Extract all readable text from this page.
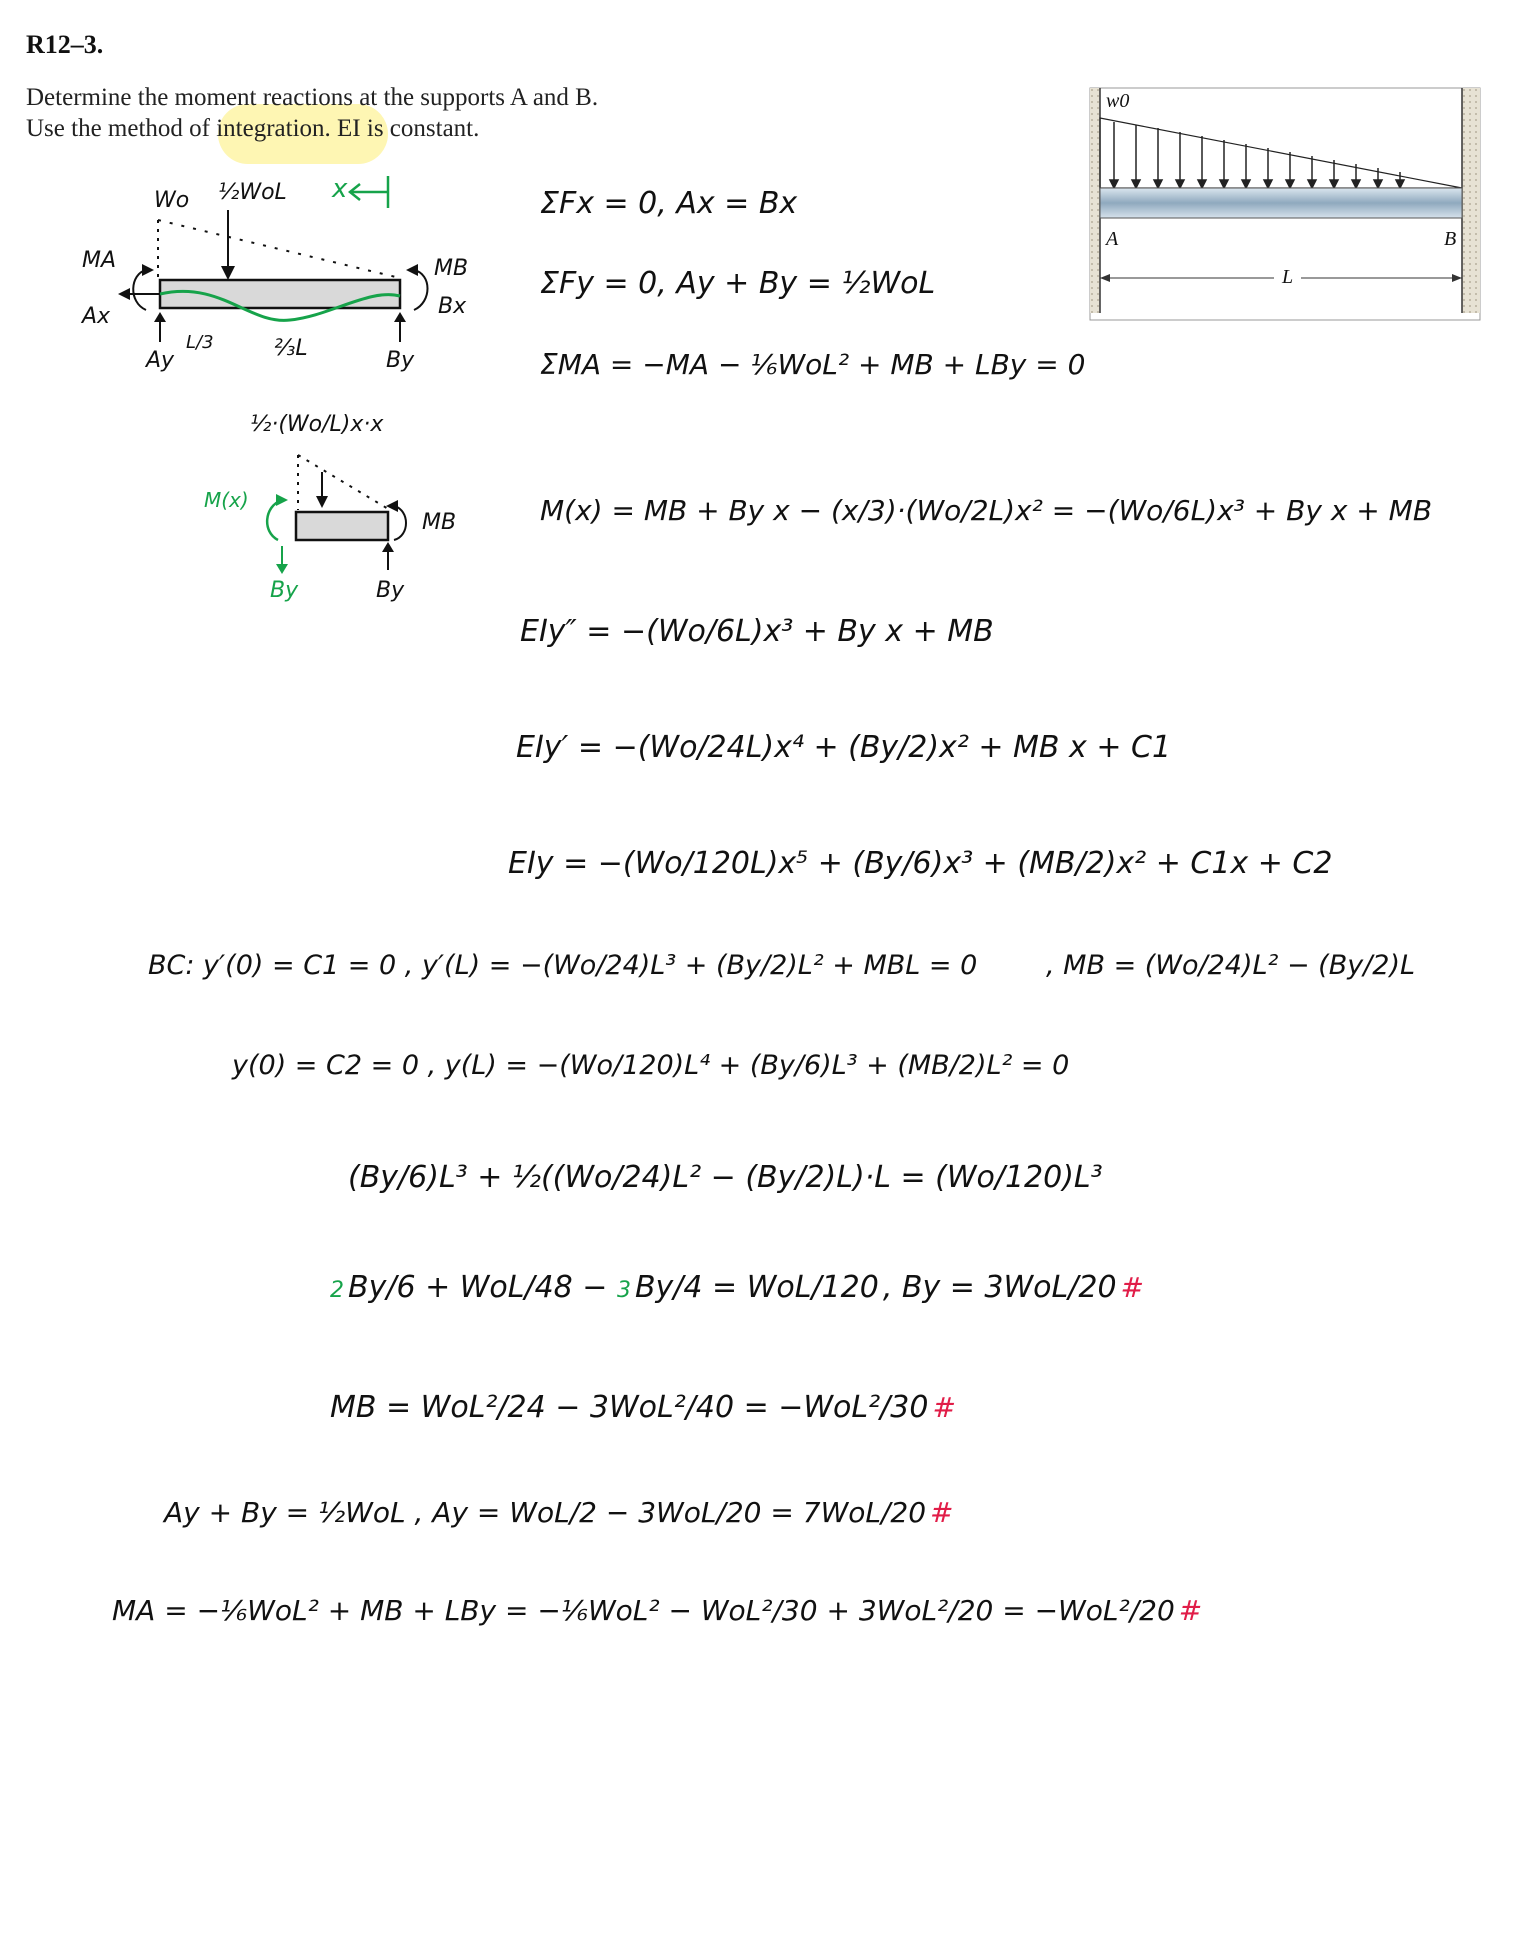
R12–3.
Determine the moment reactions at the supports A and B.
Use the method of integration. EI is constant.
w0
A	B
L
Wo ½WoL x
MA
Ax
Ay
L/3	⅔L
MB
Bx
By
½·(Wo/L)x·x
M(x)
MB
By	By
ΣFx = 0, Ax = Bx
ΣFy = 0, Ay + By = ½WoL
ΣMA = −MA − ⅙WoL² + MB + LBy = 0
M(x) = MB + By x − (x/3)·(Wo/2L)x² = −(Wo/6L)x³ + By x + MB
EIy″ = −(Wo/6L)x³ + By x + MB
EIy′ = −(Wo/24L)x⁴ + (By/2)x² + MB x + C1
EIy = −(Wo/120L)x⁵ + (By/6)x³ + (MB/2)x² + C1x + C2
BC: y′(0) = C1 = 0 , y′(L) = −(Wo/24)L³ + (By/2)L² + MBL = 0	, MB = (Wo/24)L² − (By/2)L
y(0) = C2 = 0 , y(L) = −(Wo/120)L⁴ + (By/6)L³ + (MB/2)L² = 0
(By/6)L³ + ½((Wo/24)L² − (By/2)L)·L = (Wo/120)L³
2 By/6 + WoL/48 − 3 By/4 = WoL/120 , By = 3WoL/20 #
MB = WoL²/24 − 3WoL²/40 = −WoL²/30 #
Ay + By = ½WoL , Ay = WoL/2 − 3WoL/20 = 7WoL/20 #
MA = −⅙WoL² + MB + LBy = −⅙WoL² − WoL²/30 + 3WoL²/20 = −WoL²/20 #
